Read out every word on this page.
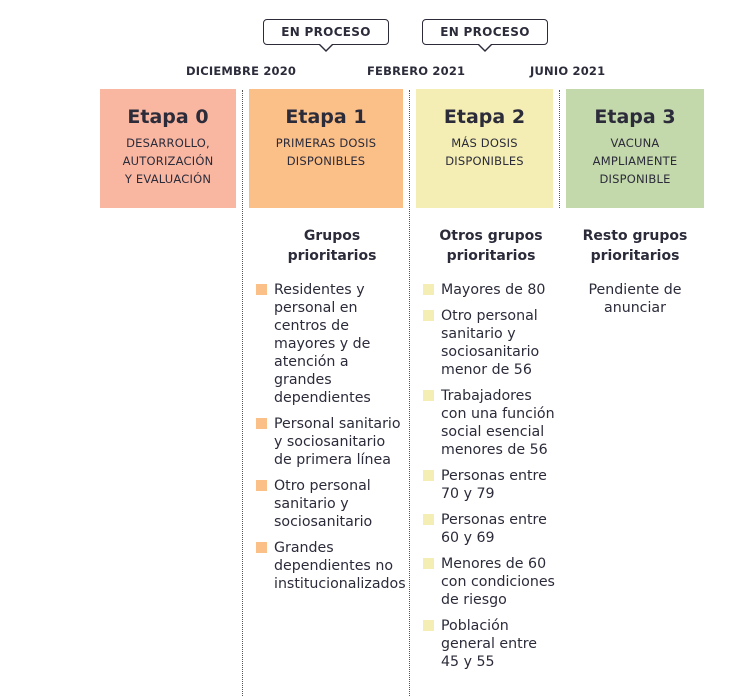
EN PROCESO	EN PROCESO
DICIEMBRE 2020	FEBRERO 2021	JUNIO 2021
Etapa 0
DESARROLLO,
AUTORIZACIÓN
Y EVALUACIÓN
Etapa 1
PRIMERAS DOSIS
DISPONIBLES
Etapa 2
MÁS DOSIS
DISPONIBLES
Etapa 3
VACUNA
AMPLIAMENTE
DISPONIBLE
Grupos
prioritarios
Residentes y
personal en
centros de
mayores y de
atención a
grandes
dependientes
Personal sanitario
y sociosanitario
de primera línea
Otro personal
sanitario y
sociosanitario
Grandes
dependientes no
institucionalizados
Otros grupos
prioritarios
Mayores de 80
Otro personal
sanitario y
sociosanitario
menor de 56
Trabajadores
con una función
social esencial
menores de 56
Personas entre
70 y 79
Personas entre
60 y 69
Menores de 60
con condiciones
de riesgo
Población
general entre
45 y 55
Resto grupos
prioritarios
Pendiente de
anunciar
